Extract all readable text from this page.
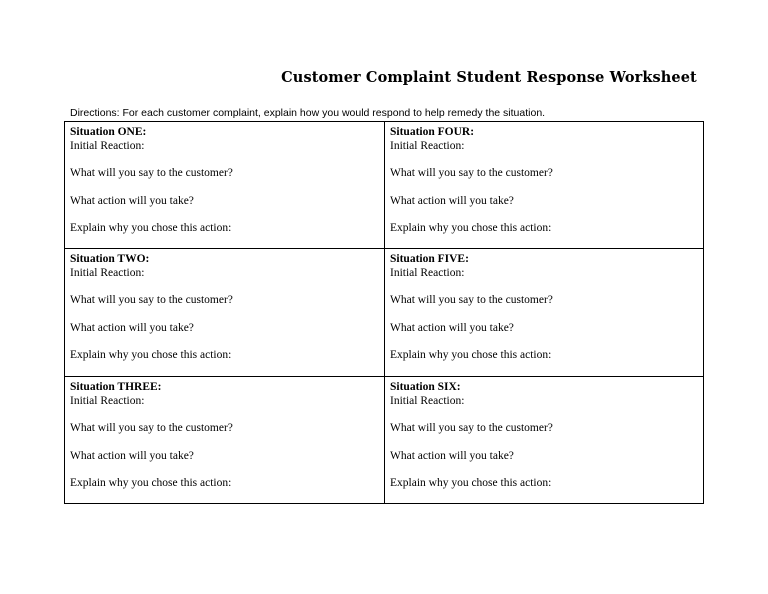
Customer Complaint Student Response Worksheet
Directions: For each customer complaint, explain how you would respond to help remedy the situation.
Situation ONE:
Initial Reaction:
What will you say to the customer?
What action will you take?
Explain why you chose this action:
Situation FOUR:
Initial Reaction:
What will you say to the customer?
What action will you take?
Explain why you chose this action:
Situation TWO:
Initial Reaction:
What will you say to the customer?
What action will you take?
Explain why you chose this action:
Situation FIVE:
Initial Reaction:
What will you say to the customer?
What action will you take?
Explain why you chose this action:
Situation THREE:
Initial Reaction:
What will you say to the customer?
What action will you take?
Explain why you chose this action:
Situation SIX:
Initial Reaction:
What will you say to the customer?
What action will you take?
Explain why you chose this action:
